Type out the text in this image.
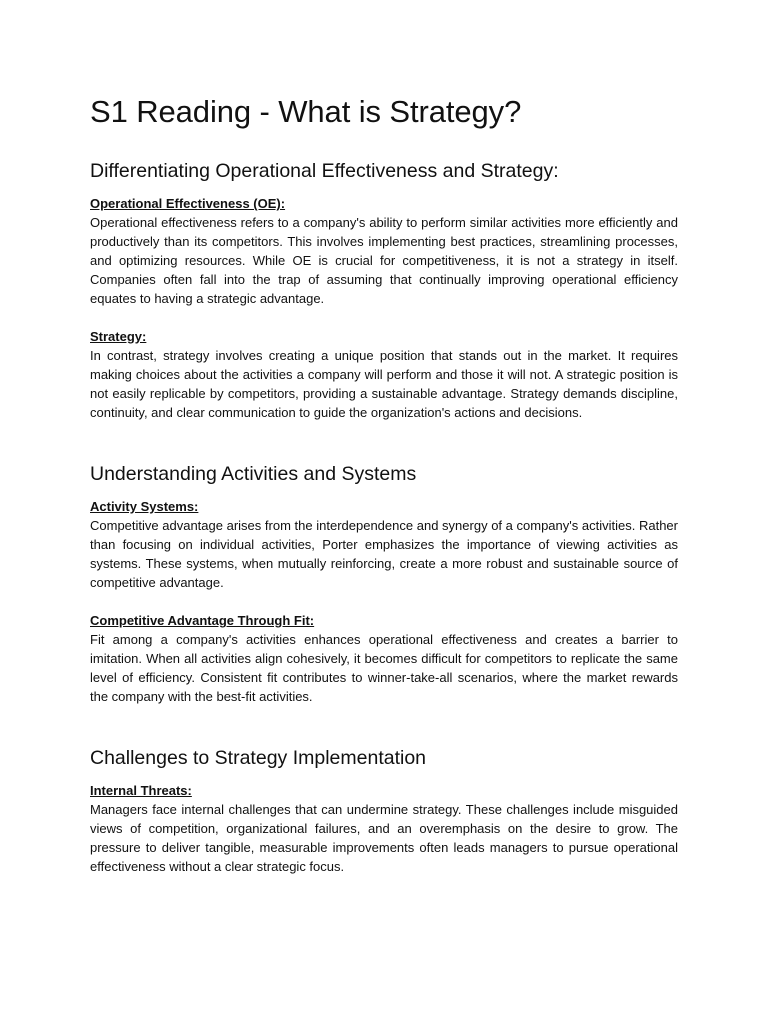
S1 Reading - What is Strategy?
Differentiating Operational Effectiveness and Strategy:

Operational Effectiveness (OE):

Operational effectiveness refers to a company's ability to perform similar activities more efficiently and productively than its competitors. This involves implementing best practices, streamlining processes, and optimizing resources. While OE is crucial for competitiveness, it is not a strategy in itself. Companies often fall into the trap of assuming that continually improving operational efficiency equates to having a strategic advantage.

Strategy:

In contrast, strategy involves creating a unique position that stands out in the market. It requires making choices about the activities a company will perform and those it will not. A strategic position is not easily replicable by competitors, providing a sustainable advantage. Strategy demands discipline, continuity, and clear communication to guide the organization's actions and decisions.

Understanding Activities and Systems

Activity Systems:

Competitive advantage arises from the interdependence and synergy of a company's activities. Rather than focusing on individual activities, Porter emphasizes the importance of viewing activities as systems. These systems, when mutually reinforcing, create a more robust and sustainable source of competitive advantage.

Competitive Advantage Through Fit:

Fit among a company's activities enhances operational effectiveness and creates a barrier to imitation. When all activities align cohesively, it becomes difficult for competitors to replicate the same level of efficiency. Consistent fit contributes to winner-take-all scenarios, where the market rewards the company with the best-fit activities.

Challenges to Strategy Implementation

Internal Threats:

Managers face internal challenges that can undermine strategy. These challenges include misguided views of competition, organizational failures, and an overemphasis on the desire to grow. The pressure to deliver tangible, measurable improvements often leads managers to pursue operational effectiveness without a clear strategic focus.
